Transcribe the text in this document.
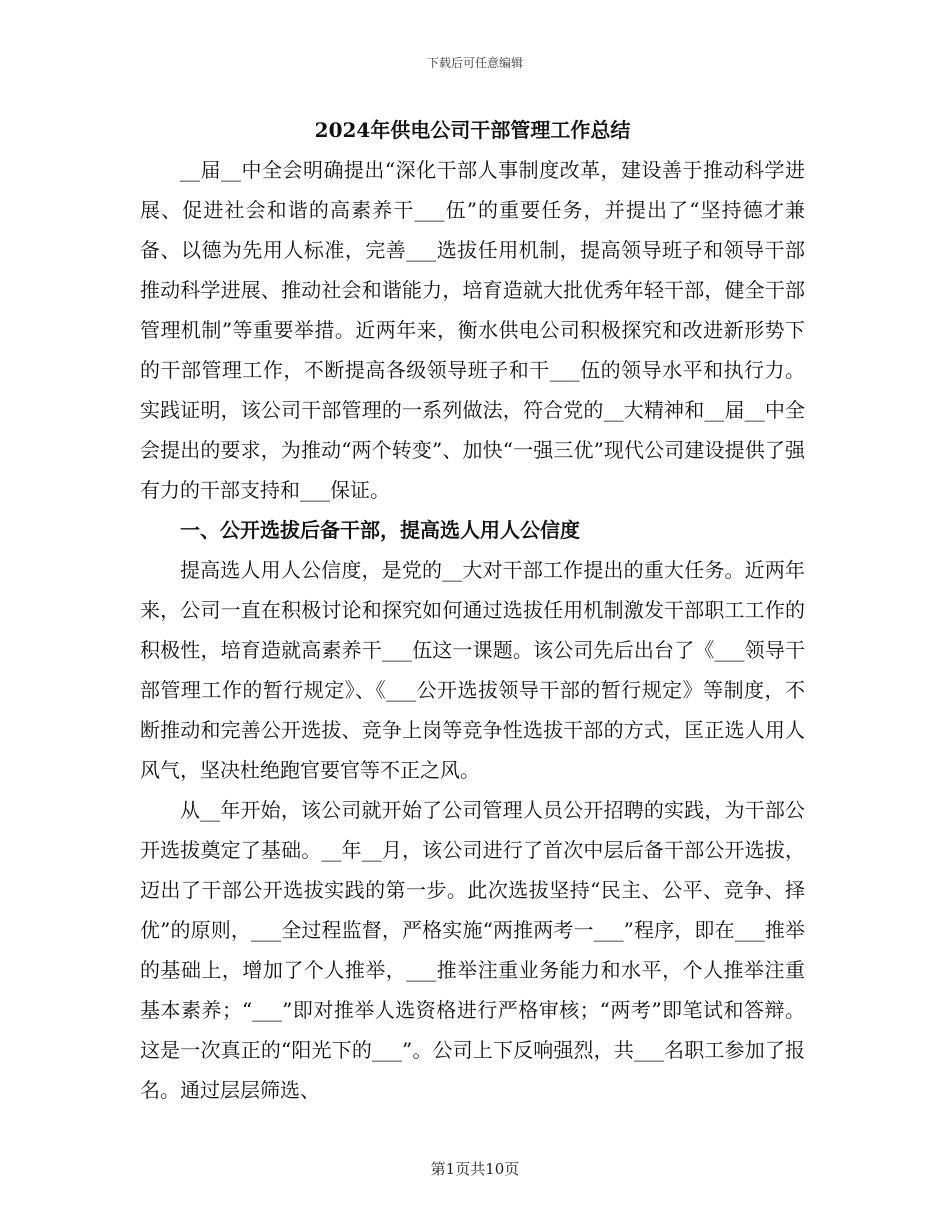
下载后可任意编辑
2024年供电公司干部管理工作总结

__届__中全会明确提出“深化干部人事制度改革，建设善于推动科学进展、促进社会和谐的高素养干___伍”的重要任务，并提出了“坚持德才兼备、以德为先用人标准，完善___选拔任用机制，提高领导班子和领导干部推动科学进展、推动社会和谐能力，培育造就大批优秀年轻干部，健全干部管理机制”等重要举措。近两年来，衡水供电公司积极探究和改进新形势下的干部管理工作，不断提高各级领导班子和干___伍的领导水平和执行力。实践证明，该公司干部管理的一系列做法，符合党的__大精神和__届__中全会提出的要求，为推动“两个转变”、加快“一强三优”现代公司建设提供了强有力的干部支持和___保证。

一、公开选拔后备干部，提高选人用人公信度

提高选人用人公信度，是党的__大对干部工作提出的重大任务。近两年来，公司一直在积极讨论和探究如何通过选拔任用机制激发干部职工工作的积极性，培育造就高素养干___伍这一课题。该公司先后出台了《___领导干部管理工作的暂行规定》、《___公开选拔领导干部的暂行规定》等制度，不断推动和完善公开选拔、竞争上岗等竞争性选拔干部的方式，匡正选人用人风气，坚决杜绝跑官要官等不正之风。

从__年开始，该公司就开始了公司管理人员公开招聘的实践，为干部公开选拔奠定了基础。__年__月，该公司进行了首次中层后备干部公开选拔，迈出了干部公开选拔实践的第一步。此次选拔坚持“民主、公平、竞争、择优”的原则，___全过程监督，严格实施“两推两考一___”程序，即在___推举的基础上，增加了个人推举，___推举注重业务能力和水平，个人推举注重基本素养；“___”即对推举人选资格进行严格审核；“两考”即笔试和答辩。这是一次真正的“阳光下的___”。公司上下反响强烈，共___名职工参加了报名。通过层层筛选、

第1页共10页
